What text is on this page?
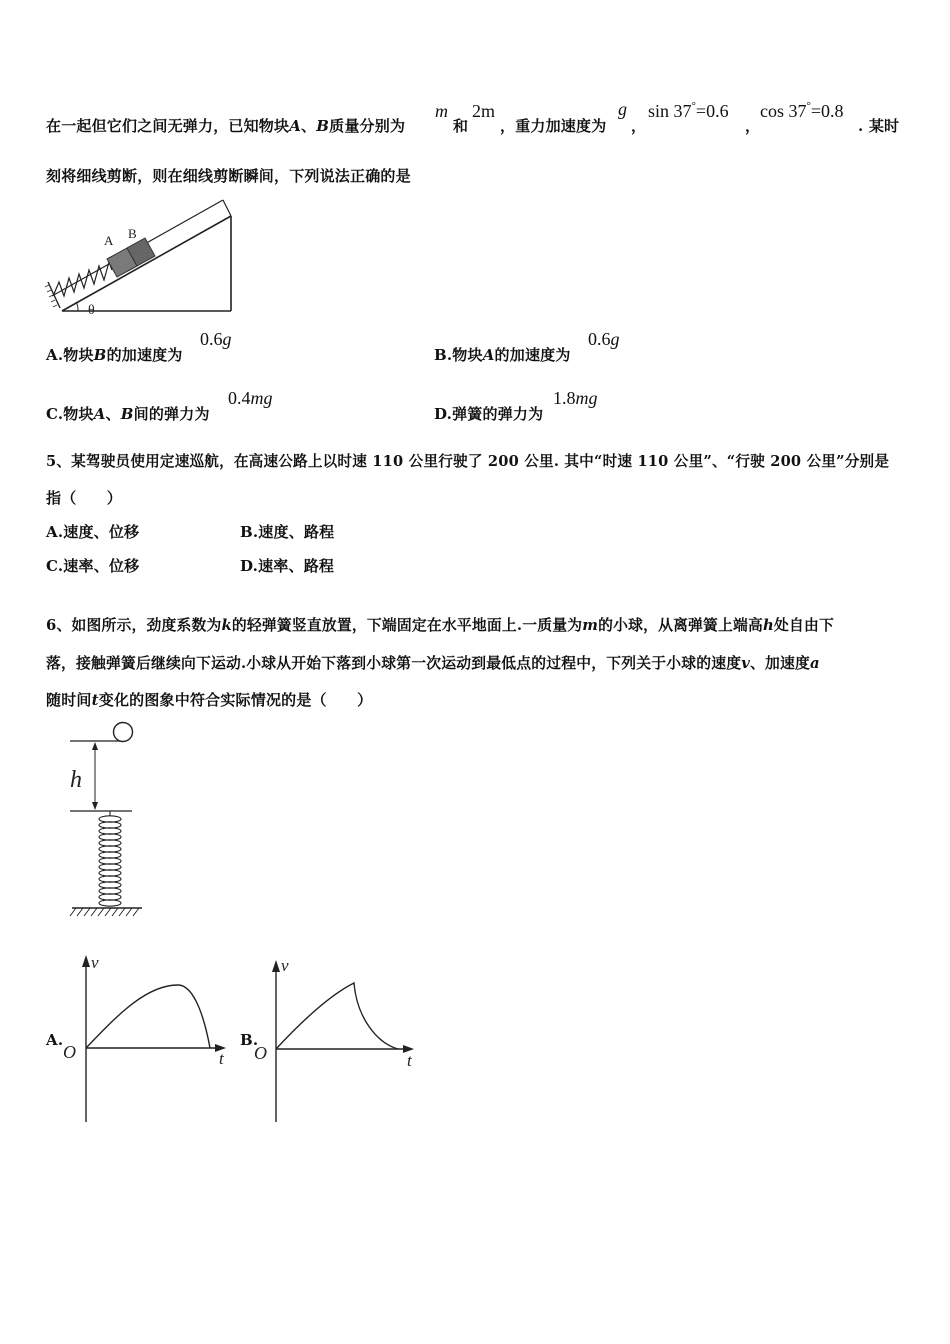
在一起但它们之间无弹力，已知物块A、B质量分别为
m
和
2m
，重力加速度为
g
，
sin 37°=0.6
，
cos 37°=0.8
. 某时
刻将细线剪断，则在细线剪断瞬间，下列说法正确的是
A B
θ
A.物块B的加速度为
0.6g
B.物块A的加速度为
0.6g
C.物块A、B间的弹力为
0.4mg
D.弹簧的弹力为
1.8mg
5、某驾驶员使用定速巡航，在高速公路上以时速 110 公里行驶了 200 公里. 其中“时速 110 公里”、“行驶 200 公里”分别是
指（　　）
A.速度、位移	B.速度、路程
C.速率、位移	D.速率、路程
6、如图所示，劲度系数为k的轻弹簧竖直放置，下端固定在水平地面上.一质量为m的小球，从离弹簧上端高h处自由下
落，接触弹簧后继续向下运动.小球从开始下落到小球第一次运动到最低点的过程中，下列关于小球的速度v、加速度a
随时间t变化的图象中符合实际情况的是（　　）
h
A.
v
t
O
B.
v
t
O
